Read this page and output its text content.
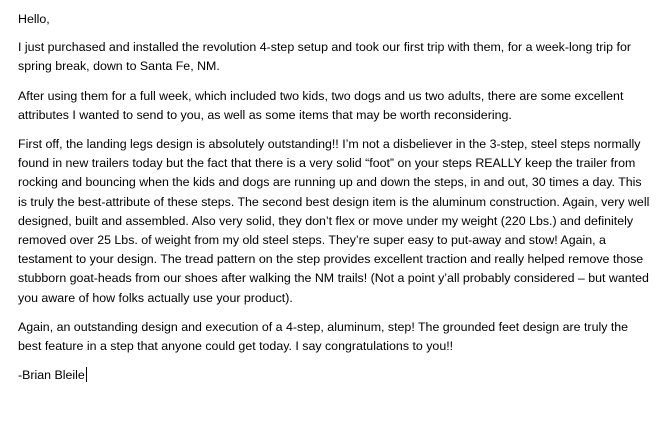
Hello,

I just purchased and installed the revolution 4-step setup and took our first trip with them, for a week-long trip for spring break, down to Santa Fe, NM.

After using them for a full week, which included two kids, two dogs and us two adults, there are some excellent attributes I wanted to send to you, as well as some items that may be worth reconsidering.

First off, the landing legs design is absolutely outstanding!! I’m not a disbeliever in the 3-step, steel steps normally found in new trailers today but the fact that there is a very solid “foot” on your steps REALLY keep the trailer from rocking and bouncing when the kids and dogs are running up and down the steps, in and out, 30 times a day. This is truly the best-attribute of these steps. The second best design item is the aluminum construction. Again, very well designed, built and assembled. Also very solid, they don’t flex or move under my weight (220 Lbs.) and definitely removed over 25 Lbs. of weight from my old steel steps. They’re super easy to put-away and stow! Again, a testament to your design. The tread pattern on the step provides excellent traction and really helped remove those stubborn goat-heads from our shoes after walking the NM trails! (Not a point y’all probably considered – but wanted you aware of how folks actually use your product).

Again, an outstanding design and execution of a 4-step, aluminum, step! The grounded feet design are truly the best feature in a step that anyone could get today. I say congratulations to you!!

-Brian Bleile
